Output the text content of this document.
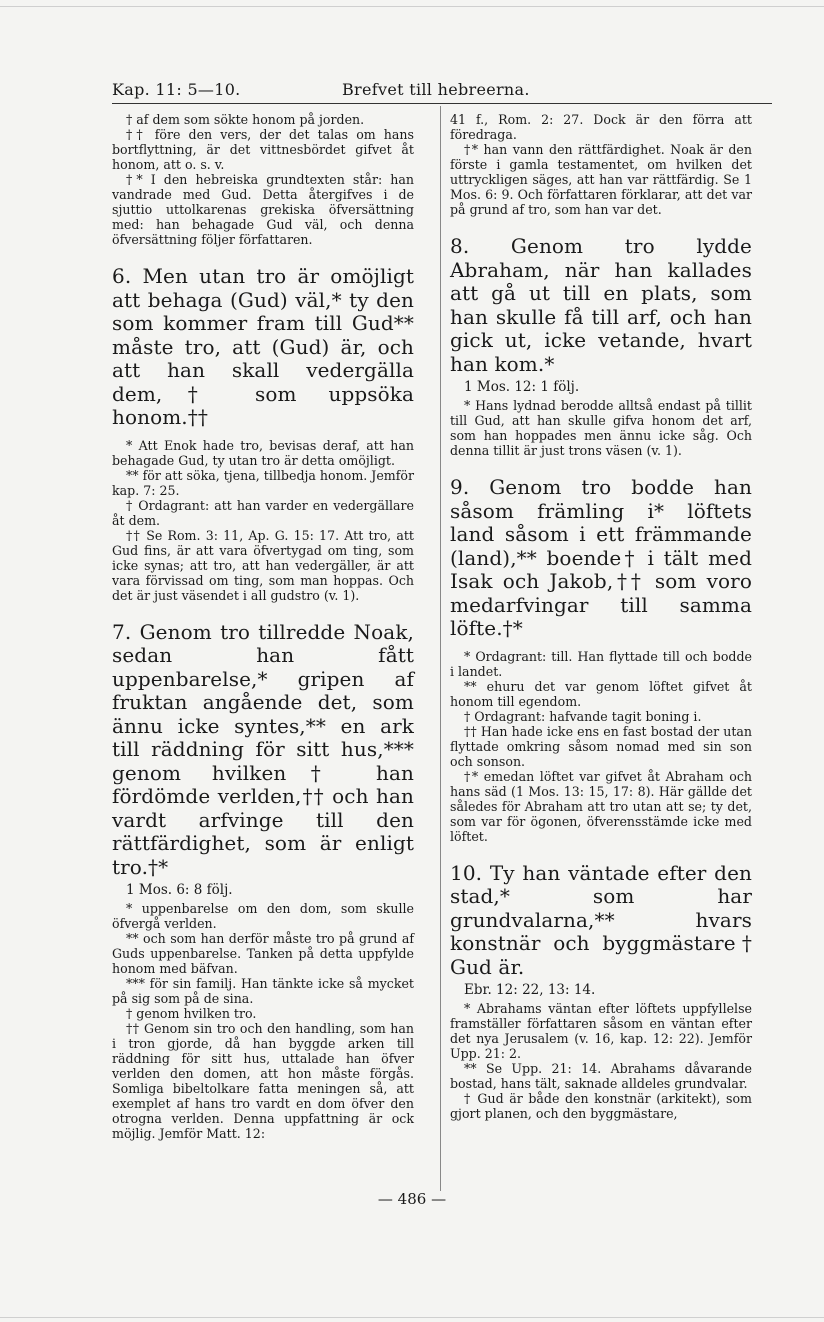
Kap. 11: 5—10.	Brefvet till hebreerna.

† af dem som sökte honom på jorden.

†† före den vers, der det talas om hans bortflyttning, är det vittnesbördet gifvet åt honom, att o. s. v.

†* I den hebreiska grundtexten står: han vandrade med Gud. Detta återgifves i de sjuttio uttolkarenas grekiska öfversättning med: han behagade Gud väl, och denna öfversättning följer författaren.

6. Men utan tro är omöjligt att behaga (Gud) väl,* ty den som kommer fram till Gud** måste tro, att (Gud) är, och att han skall vedergälla dem,† som uppsöka honom.††

* Att Enok hade tro, bevisas deraf, att han behagade Gud, ty utan tro är detta omöjligt.

** för att söka, tjena, tillbedja honom. Jemför kap. 7: 25.

† Ordagrant: att han varder en vedergällare åt dem.

†† Se Rom. 3: 11, Ap. G. 15: 17. Att tro, att Gud fins, är att vara öfvertygad om ting, som icke synas; att tro, att han vedergäller, är att vara förvissad om ting, som man hoppas. Och det är just väsendet i all gudstro (v. 1).

7. Genom tro tillredde Noak, sedan han fått uppenbarelse,* gripen af fruktan angående det, som ännu icke syntes,** en ark till räddning för sitt hus,*** genom hvilken† han fördömde verlden,†† och han vardt arfvinge till den rättfärdighet, som är enligt tro.†*

1 Mos. 6: 8 följ.

* uppenbarelse om den dom, som skulle öfvergå verlden.

** och som han derför måste tro på grund af Guds uppenbarelse. Tanken på detta uppfylde honom med bäfvan.

*** för sin familj. Han tänkte icke så mycket på sig som på de sina.

† genom hvilken tro.

†† Genom sin tro och den handling, som han i tron gjorde, då han byggde arken till räddning för sitt hus, uttalade han öfver verlden den domen, att hon måste förgås. Somliga bibeltolkare fatta meningen så, att exemplet af hans tro vardt en dom öfver den otrogna verlden. Denna uppfattning är ock möjlig. Jemför Matt. 12:

41 f., Rom. 2: 27. Dock är den förra att föredraga.

†* han vann den rättfärdighet. Noak är den förste i gamla testamentet, om hvilken det uttryckligen säges, att han var rättfärdig. Se 1 Mos. 6: 9. Och författaren förklarar, att det var på grund af tro, som han var det.

8. Genom tro lydde Abraham, när han kallades att gå ut till en plats, som han skulle få till arf, och han gick ut, icke vetande, hvart han kom.*

1 Mos. 12: 1 följ.

* Hans lydnad berodde alltså endast på tillit till Gud, att han skulle gifva honom det arf, som han hoppades men ännu icke såg. Och denna tillit är just trons väsen (v. 1).

9. Genom tro bodde han såsom främling i* löftets land såsom i ett främmande (land),** boende† i tält med Isak och Jakob,†† som voro medarfvingar till samma löfte.†*

* Ordagrant: till. Han flyttade till och bodde i landet.

** ehuru det var genom löftet gifvet åt honom till egendom.

† Ordagrant: hafvande tagit boning i.

†† Han hade icke ens en fast bostad der utan flyttade omkring såsom nomad med sin son och sonson.

†* emedan löftet var gifvet åt Abraham och hans säd (1 Mos. 13: 15, 17: 8). Här gällde det således för Abraham att tro utan att se; ty det, som var för ögonen, öfverensstämde icke med löftet.

10. Ty han väntade efter den stad,* som har grundvalarna,** hvars konstnär och byggmästare† Gud är.

Ebr. 12: 22, 13: 14.

* Abrahams väntan efter löftets uppfyllelse framställer författaren såsom en väntan efter det nya Jerusalem (v. 16, kap. 12: 22). Jemför Upp. 21: 2.

** Se Upp. 21: 14. Abrahams dåvarande bostad, hans tält, saknade alldeles grundvalar.

† Gud är både den konstnär (arkitekt), som gjort planen, och den byggmästare,

— 486 —
